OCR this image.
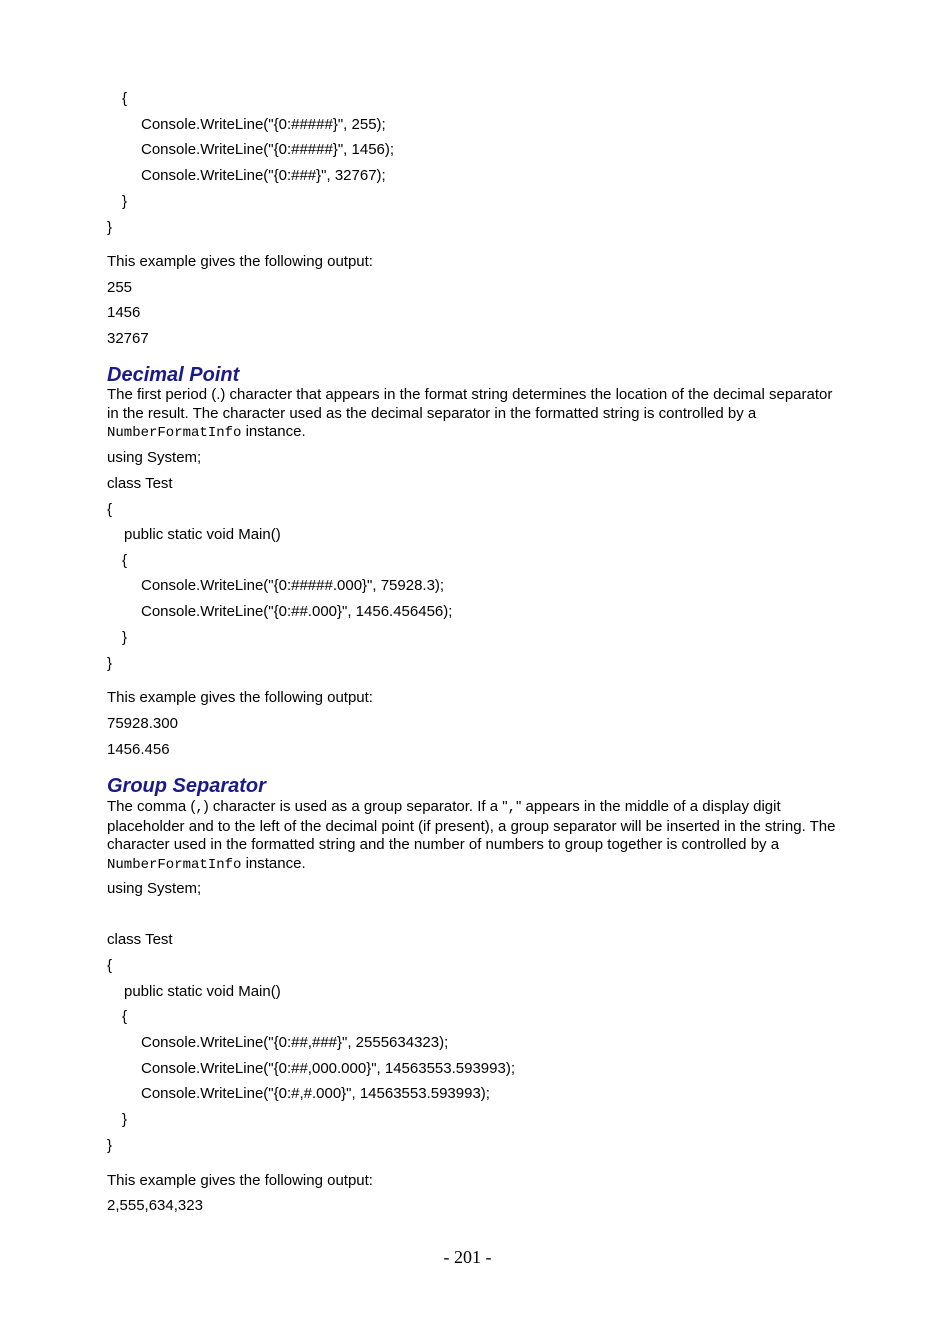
{
Console.WriteLine("{0:#####}", 255);
Console.WriteLine("{0:#####}", 1456);
Console.WriteLine("{0:###}", 32767);
}
}
This example gives the following output:
255
1456
32767
Decimal Point
The first period (.) character that appears in the format string determines the location of the decimal separator in the result. The character used as the decimal separator in the formatted string is controlled by a NumberFormatInfo instance.
using System;
class Test
{
public static void Main()
{
Console.WriteLine("{0:#####.000}", 75928.3);
Console.WriteLine("{0:##.000}", 1456.456456);
}
}
This example gives the following output:
75928.300
1456.456
Group Separator
The comma (,) character is used as a group separator. If a "," appears in the middle of a display digit placeholder and to the left of the decimal point (if present), a group separator will be inserted in the string. The character used in the formatted string and the number of numbers to group together is controlled by a NumberFormatInfo instance.
using System;
class Test
{
public static void Main()
{
Console.WriteLine("{0:##,###}", 2555634323);
Console.WriteLine("{0:##,000.000}", 14563553.593993);
Console.WriteLine("{0:#,#.000}", 14563553.593993);
}
}
This example gives the following output:
2,555,634,323
- 201 -
